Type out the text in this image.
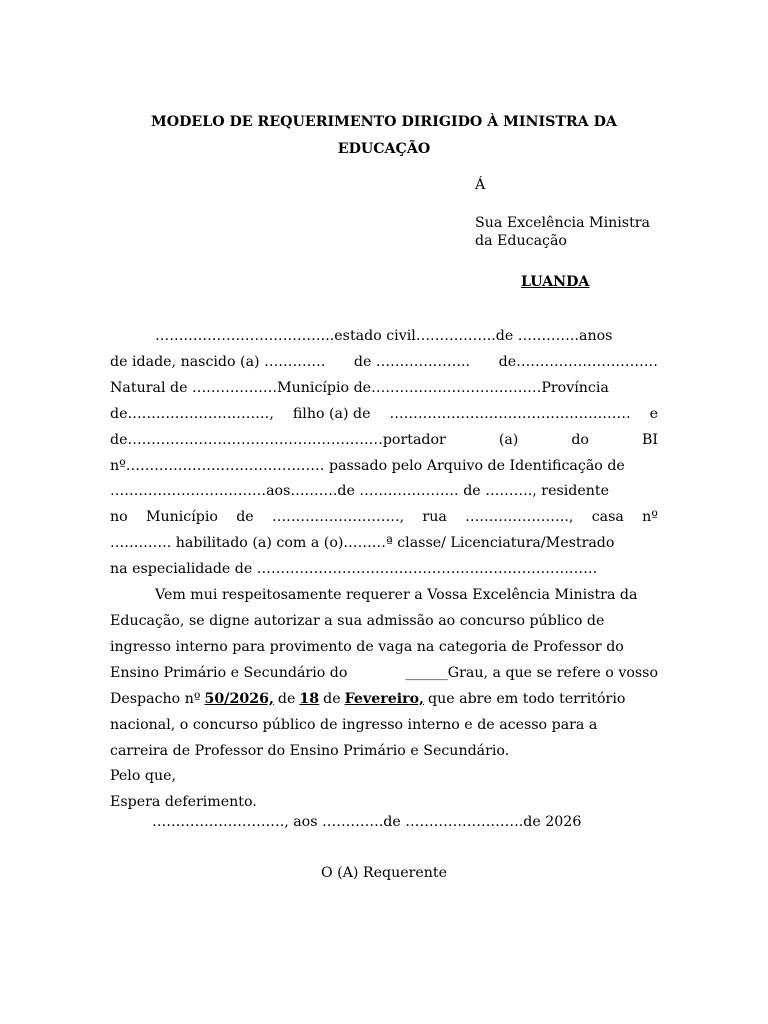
MODELO DE REQUERIMENTO DIRIGIDO À MINISTRA DA
EDUCAÇÃO
Á
Sua Excelência Ministra
da Educação
LUANDA
………………………………..estado civil……………..de ………….anos
de idade, nascido (a) …………. de ……………….. de…………………………
Natural de ………………Município de………………………………Província
de…………………………, filho (a) de …………………………………………… e
de………………………………………………portador	(a)	do	BI
nº…………………………………… passado pelo Arquivo de Identificação de
……………………………aos……….de ………………… de ………., residente
no Município de ………………………, rua …………………., casa nº
…………. habilitado (a) com a (o)………ª classe/ Licenciatura/Mestrado
na especialidade de ………………………………………………………………
Vem mui respeitosamente requerer a Vossa Excelência Ministra da
Educação, se digne autorizar a sua admissão ao concurso público de
ingresso interno para provimento de vaga na categoria de Professor do
Ensino Primário e Secundário do	______Grau, a que se refere o vosso
Despacho nº 50/2026, de 18 de Fevereiro, que abre em todo território
nacional, o concurso público de ingresso interno e de acesso para a
carreira de Professor do Ensino Primário e Secundário.
Pelo que,
Espera deferimento.
………………………., aos ………….de …………………….de 2026
O (A) Requerente
